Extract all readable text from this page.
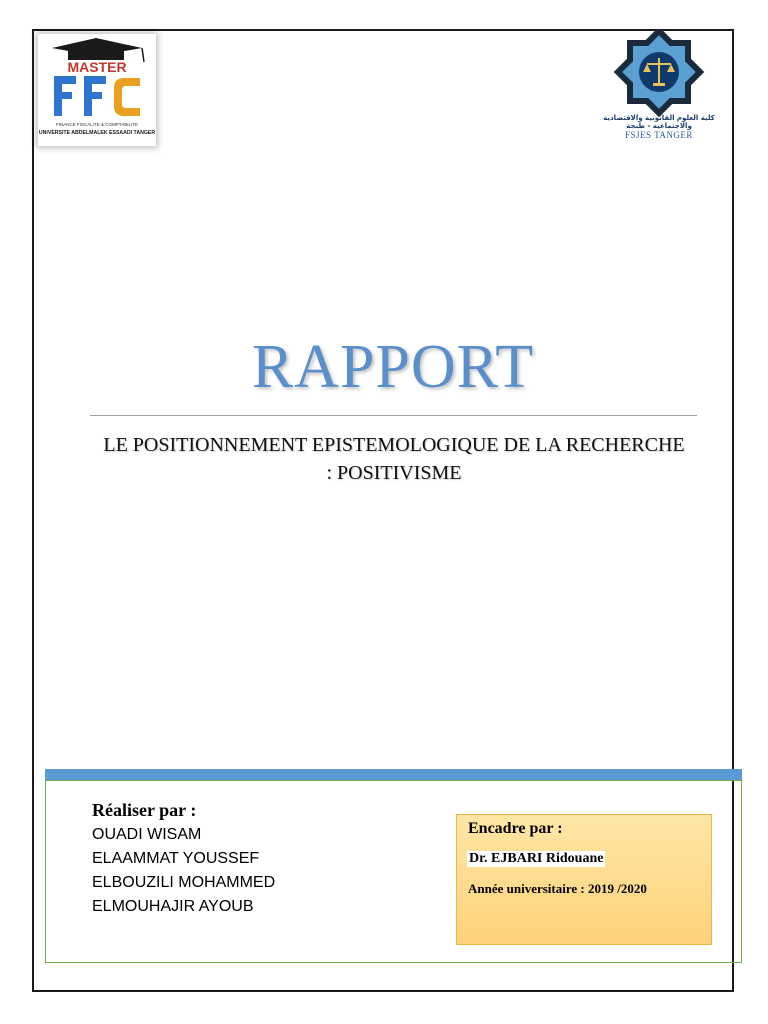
MASTER
FINANCE FISCALITE & COMPTABILITE
UNIVERSITE ABDELMALEK ESSAADI TANGER
كلية العلوم القانونية والاقتصادية والاجتماعية - طنجة
FSJES TANGER
RAPPORT
LE POSITIONNEMENT EPISTEMOLOGIQUE DE LA RECHERCHE : POSITIVISME
Réaliser par :
OUADI WISAM
ELAAMMAT YOUSSEF
ELBOUZILI MOHAMMED
ELMOUHAJIR AYOUB
Encadre par :
Dr. EJBARI Ridouane
Année universitaire : 2019 /2020
